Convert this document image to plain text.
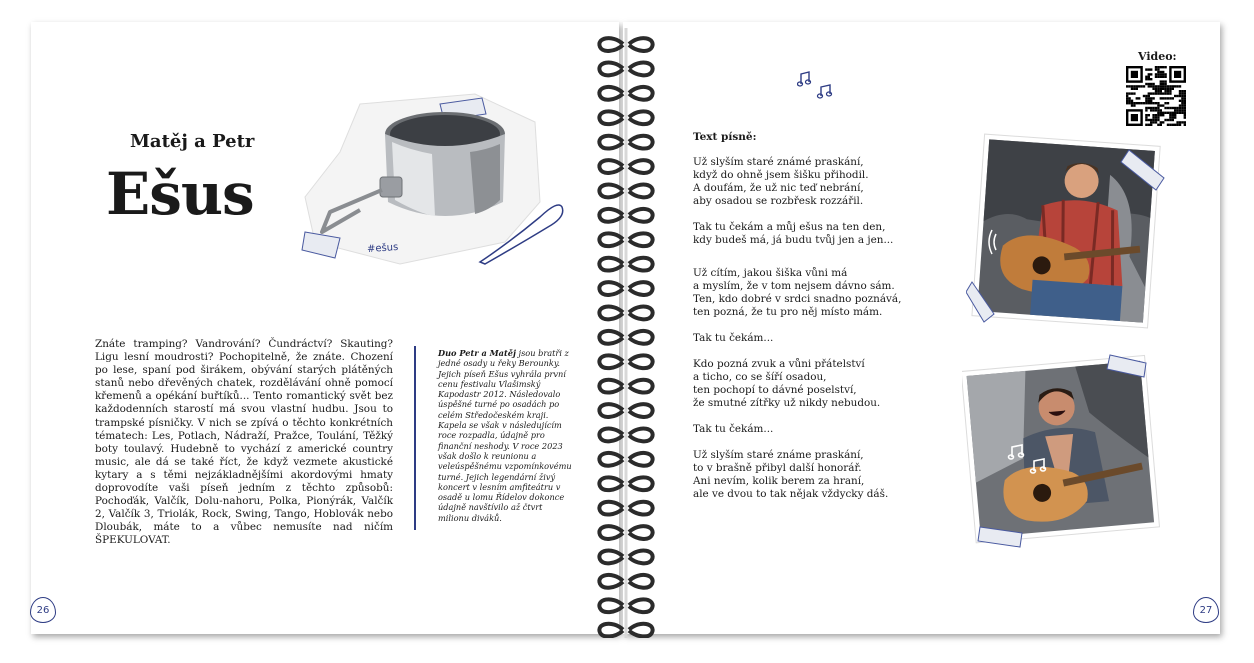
Matěj a Petr
Ešus
#ešus
Znáte tramping? Vandrování? Čundráctví? Skauting? Ligu lesní moudrosti? Pochopitelně, že znáte. Chození po lese, spaní pod širákem, obývání starých plátěných stanů nebo dřevěných chatek, rozdělávání ohně pomocí křemenů a opékání buřtíků... Tento romantický svět bez každodenních starostí má svou vlastní hudbu. Jsou to trampské písničky. V nich se zpívá o těchto konkrétních tématech: Les, Potlach, Nádraží, Pražce, Toulání, Těžký boty toulavý. Hudebně to vychází z americké country music, ale dá se také říct, že když vezmete akustické kytary a s těmi nejzákladnějšími akordovými hmaty doprovodíte vaši píseň jedním z těchto způsobů: Pochoďák, Valčík, Dolu-nahoru, Polka, Pionýrák, Valčík 2, Valčík 3, Triolák, Rock, Swing, Tango, Hoblovák nebo Dloubák, máte to a vůbec nemusíte nad ničím ŠPEKULOVAT.
Duo Petr a Matěj jsou bratři z jedné osady u řeky Berounky. Jejich píseň Ešus vyhrála první cenu festivalu Vlašimský Kapodastr 2012. Následovalo úspěšné turné po osadách po celém Středočeském kraji. Kapela se však v následujícím roce rozpadla, údajně pro finanční neshody. V roce 2023 však došlo k reunionu a veleúspěšnému vzpomínkovému turné. Jejich legendární živý koncert v lesním amfiteátru v osadě u lomu Řídelov dokonce údajně navštívilo až čtvrt milionu diváků.
26
Video:
Text písně:
Už slyším staré známé praskání,
když do ohně jsem šišku přihodil.
A doufám, že už nic teď nebrání,
aby osadou se rozbřesk rozzářil.
Tak tu čekám a můj ešus na ten den,
kdy budeš má, já budu tvůj jen a jen...
Už cítím, jakou šiška vůni má
a myslím, že v tom nejsem dávno sám.
Ten, kdo dobré v srdci snadno poznává,
ten pozná, že tu pro něj místo mám.
Tak tu čekám...
Kdo pozná zvuk a vůni přátelství
a ticho, co se šíří osadou,
ten pochopí to dávné poselství,
že smutné zítřky už nikdy nebudou.
Tak tu čekám...
Už slyším staré známe praskání,
to v brašně přibyl další honorář.
Ani nevím, kolik berem za hraní,
ale ve dvou to tak nějak vždycky dáš.
27
